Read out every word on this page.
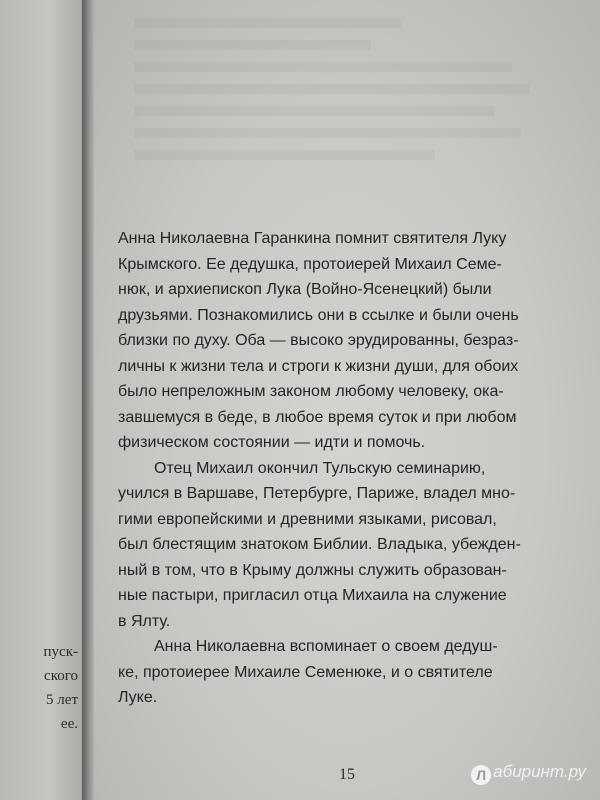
пуск-
ского
5 лет
ее.
Анна Николаевна Гаранкина помнит святителя Луку
Крымского. Ее дедушка, протоиерей Михаил Семе-
нюк, и архиепископ Лука (Войно-Ясенецкий) были
друзьями. Познакомились они в ссылке и были очень
близки по духу. Оба — высоко эрудированны, безраз-
личны к жизни тела и строги к жизни души, для обоих
было непреложным законом любому человеку, ока-
завшемуся в беде, в любое время суток и при любом
физическом состоянии — идти и помочь.
Отец Михаил окончил Тульскую семинарию,
учился в Варшаве, Петербурге, Париже, владел мно-
гими европейскими и древними языками, рисовал,
был блестящим знатоком Библии. Владыка, убежден-
ный в том, что в Крыму должны служить образован-
ные пастыри, пригласил отца Михаила на служение
в Ялту.
Анна Николаевна вспоминает о своем дедуш-
ке, протоиерее Михаиле Семенюке, и о святителе
Луке.
15	Л абиринт.ру
